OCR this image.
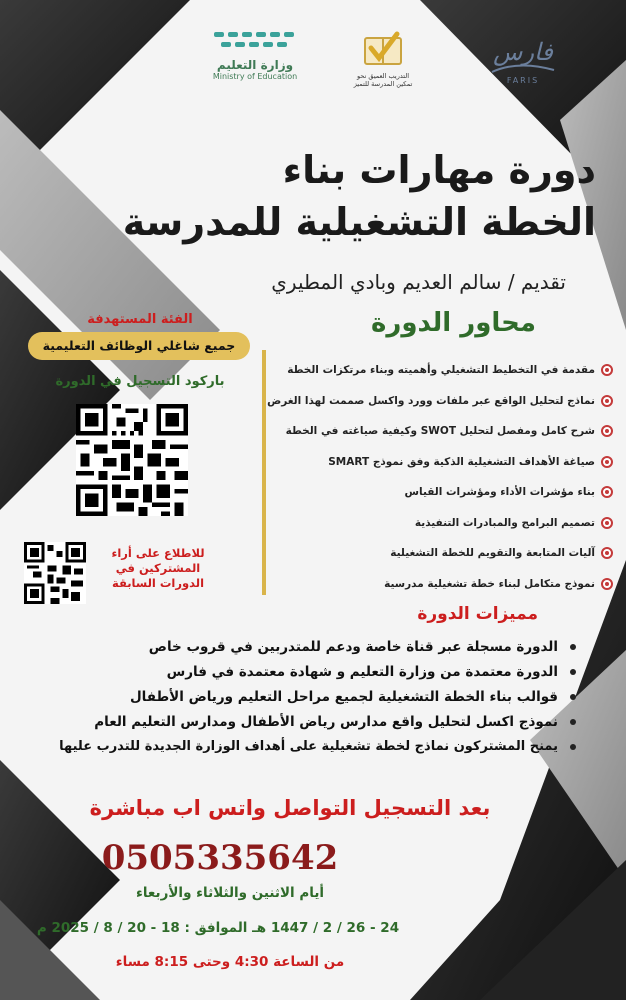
وزارة التعليم
Ministry of Education	التدريب العميق نحو
تمكين المدرسة للتميز
فارس
FARIS
دورة مهارات بناء
الخطة التشغيلية للمدرسة
تقديم / سالم العديم وبادي المطيري
محاور الدورة
مقدمة في التخطيط التشغيلي وأهميته وبناء مرتكزات الخطة
نماذج لتحليل الواقع عبر ملفات وورد واكسل صممت لهذا الغرض
شرح كامل ومفصل لتحليل SWOT وكيفية صياغته في الخطة
صياغة الأهداف التشغيلية الذكية وفق نموذج SMART
بناء مؤشرات الأداء ومؤشرات القياس
تصميم البرامج والمبادرات التنفيذية
آليات المتابعة والتقويم للخطة التشغيلية
نموذج متكامل لبناء خطة تشغيلية مدرسية
الفئة المستهدفة
جميع شاغلي الوظائف التعليمية
باركود التسجيل في الدورة
للاطلاع على أراء
المشتركين في
الدورات السابقة
مميزات الدورة
الدورة مسجلة عبر قناة خاصة ودعم للمتدربين في قروب خاص
الدورة معتمدة من وزارة التعليم و شهادة معتمدة في فارس
قوالب بناء الخطة التشغيلية لجميع مراحل التعليم ورياض الأطفال
نموذج اكسل لتحليل واقع مدارس رياض الأطفال ومدارس التعليم العام
يمنح المشتركون نماذج لخطة تشغيلية على أهداف الوزارة الجديدة للتدرب عليها
بعد التسجيل التواصل واتس اب مباشرة
0505335642
أيام الاثنين والثلاثاء والأربعاء
24 - 26 / 2 / 1447 هـ الموافق : 18 - 20 / 8 / 2025 م
من الساعة 4:30 وحتى 8:15 مساء
